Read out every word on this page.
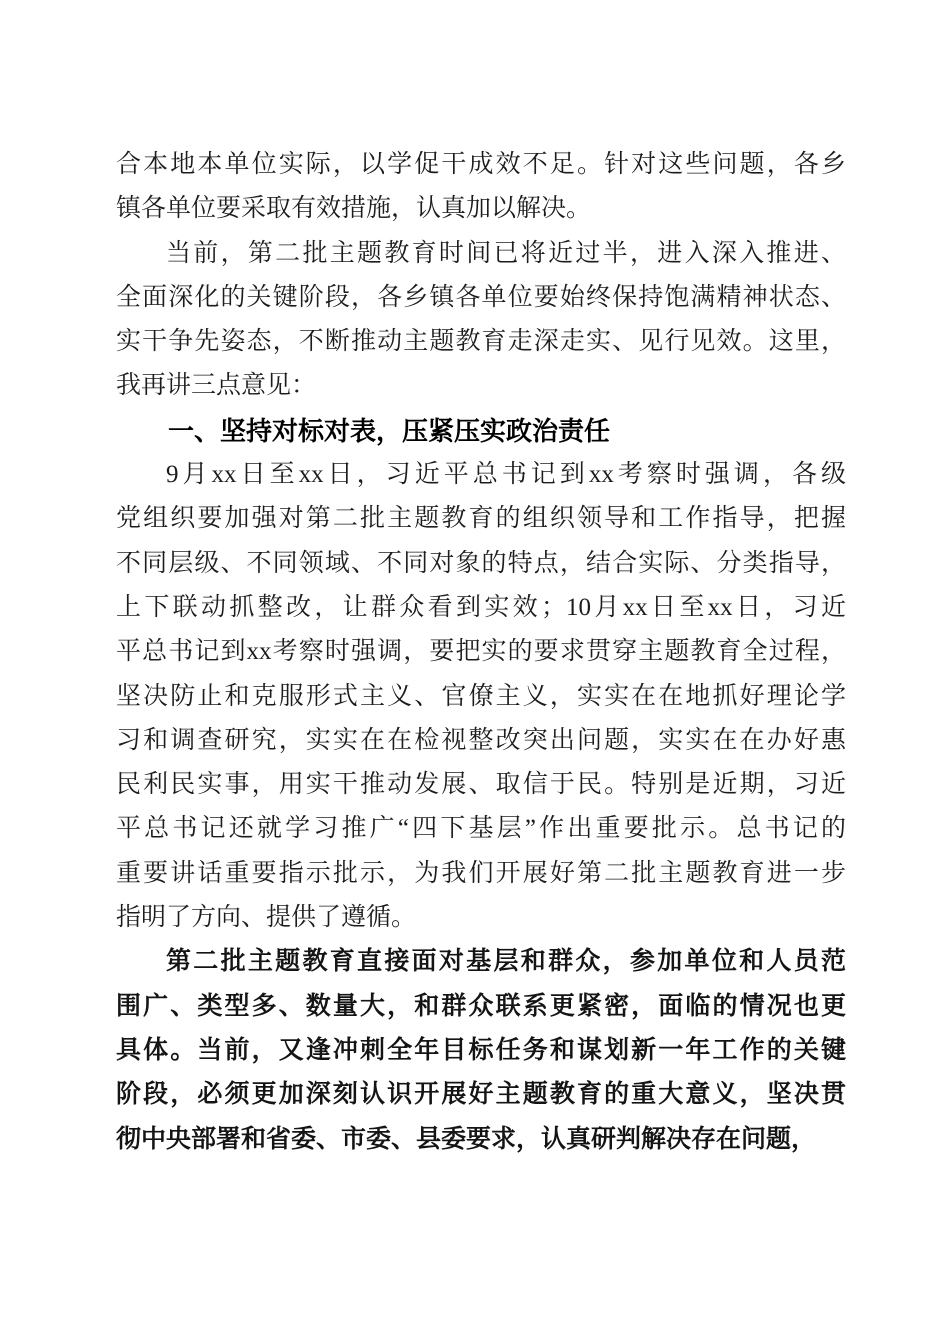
合本地本单位实际，以学促干成效不足。针对这些问题，各乡
镇各单位要采取有效措施，认真加以解决。
当前，第二批主题教育时间已将近过半，进入深入推进、
全面深化的关键阶段，各乡镇各单位要始终保持饱满精神状态、
实干争先姿态，不断推动主题教育走深走实、见行见效。这里，
我再讲三点意见：
一、坚持对标对表，压紧压实政治责任
9月xx日至xx日，习近平总书记到xx考察时强调，各级
党组织要加强对第二批主题教育的组织领导和工作指导，把握
不同层级、不同领域、不同对象的特点，结合实际、分类指导，
上下联动抓整改，让群众看到实效；10月xx日至xx日，习近
平总书记到xx考察时强调，要把实的要求贯穿主题教育全过程，
坚决防止和克服形式主义、官僚主义，实实在在地抓好理论学
习和调查研究，实实在在检视整改突出问题，实实在在办好惠
民利民实事，用实干推动发展、取信于民。特别是近期，习近
平总书记还就学习推广“四下基层”作出重要批示。总书记的
重要讲话重要指示批示，为我们开展好第二批主题教育进一步
指明了方向、提供了遵循。
第二批主题教育直接面对基层和群众，参加单位和人员范
围广、类型多、数量大，和群众联系更紧密，面临的情况也更
具体。当前，又逢冲刺全年目标任务和谋划新一年工作的关键
阶段，必须更加深刻认识开展好主题教育的重大意义，坚决贯
彻中央部署和省委、市委、县委要求，认真研判解决存在问题，
